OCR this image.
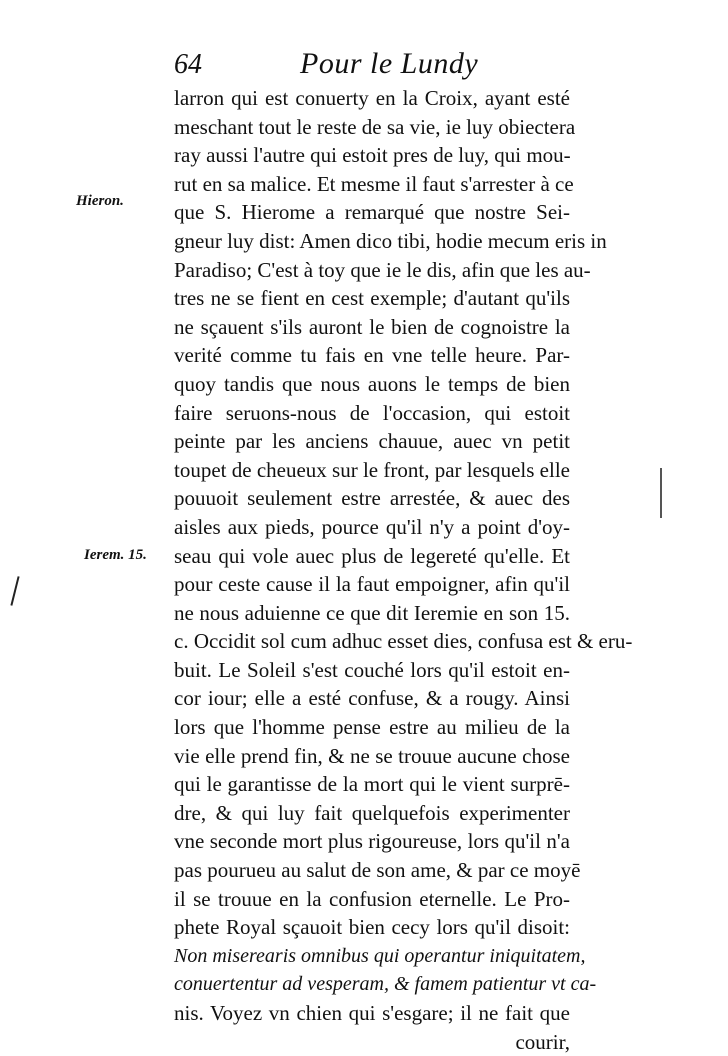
64	Pour le Lundy
Hieron.
Ierem. 15.
larron qui est conuerty en la Croix, ayant esté
meschant tout le reste de sa vie, ie luy obiectera
ray aussi l'autre qui estoit pres de luy, qui mou-
rut en sa malice. Et mesme il faut s'arrester à ce
que S. Hierome a remarqué que nostre Sei-
gneur luy dist: Amen dico tibi, hodie mecum eris in
Paradiso; C'est à toy que ie le dis, afin que les au-
tres ne se fient en cest exemple; d'autant qu'ils
ne sçauent s'ils auront le bien de cognoistre la
verité comme tu fais en vne telle heure. Par-
quoy tandis que nous auons le temps de bien
faire seruons-nous de l'occasion, qui estoit
peinte par les anciens chauue, auec vn petit
toupet de cheueux sur le front, par lesquels elle
pouuoit seulement estre arrestée, & auec des
aisles aux pieds, pource qu'il n'y a point d'oy-
seau qui vole auec plus de legereté qu'elle. Et
pour ceste cause il la faut empoigner, afin qu'il
ne nous aduienne ce que dit Ieremie en son 15.
c. Occidit sol cum adhuc esset dies, confusa est & eru-
buit. Le Soleil s'est couché lors qu'il estoit en-
cor iour; elle a esté confuse, & a rougy. Ainsi
lors que l'homme pense estre au milieu de la
vie elle prend fin, & ne se trouue aucune chose
qui le garantisse de la mort qui le vient surprē-
dre, & qui luy fait quelquefois experimenter
vne seconde mort plus rigoureuse, lors qu'il n'a
pas pourueu au salut de son ame, & par ce moyē
il se trouue en la confusion eternelle. Le Pro-
phete Royal sçauoit bien cecy lors qu'il disoit:
Non miserearis omnibus qui operantur iniquitatem,
conuertentur ad vesperam, & famem patientur vt ca-
nis. Voyez vn chien qui s'esgare; il ne fait que
courir,
